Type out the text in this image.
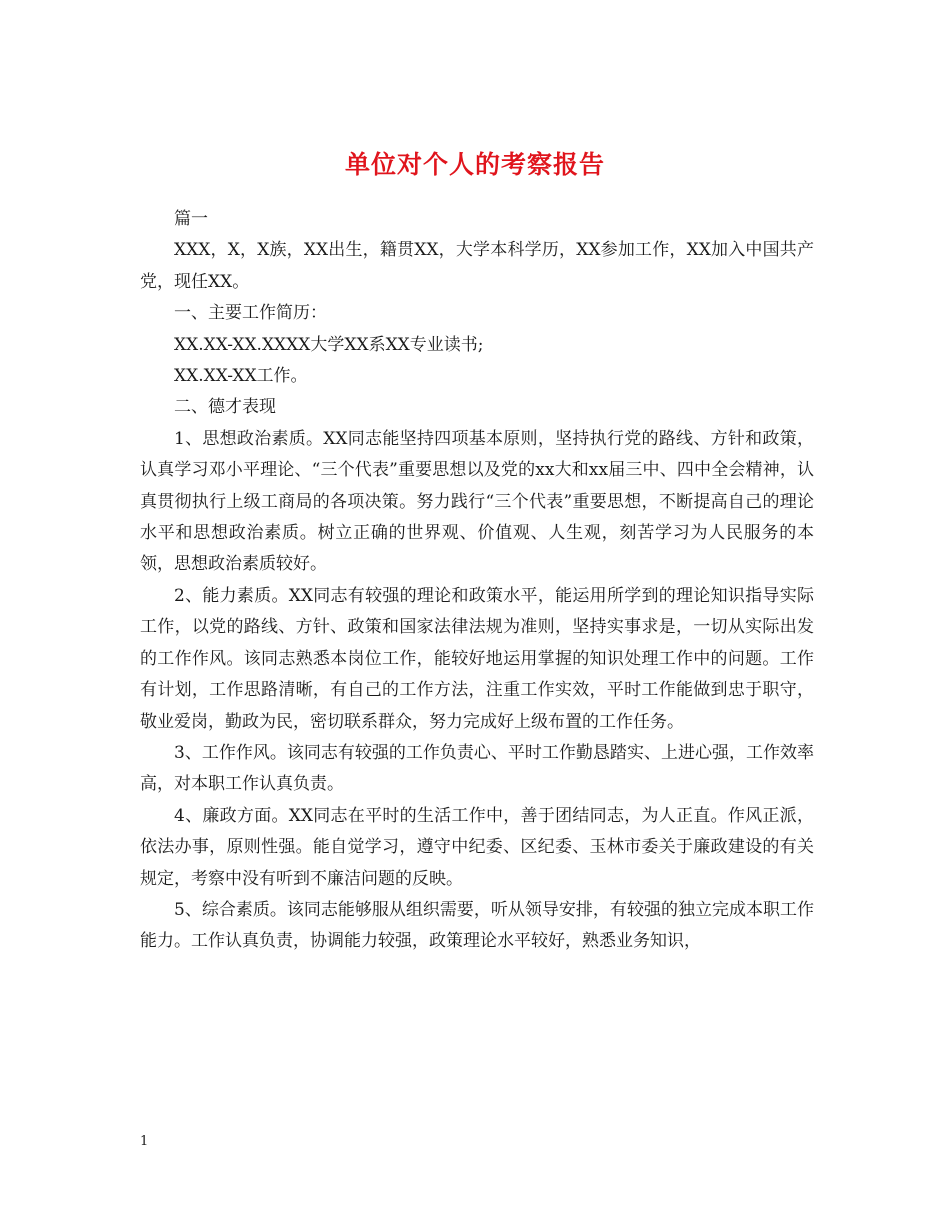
单位对个人的考察报告

篇一

XXX，X，X族，XX出生，籍贯XX，大学本科学历，XX参加工作，XX加入中国共产党，现任XX。

一、主要工作简历：

XX.XX-XX.XXXX大学XX系XX专业读书;

XX.XX-XX工作。

二、德才表现

1、思想政治素质。XX同志能坚持四项基本原则，坚持执行党的路线、方针和政策，认真学习邓小平理论、“三个代表”重要思想以及党的xx大和xx届三中、四中全会精神，认真贯彻执行上级工商局的各项决策。努力践行“三个代表”重要思想，不断提高自己的理论水平和思想政治素质。树立正确的世界观、价值观、人生观，刻苦学习为人民服务的本领，思想政治素质较好。

2、能力素质。XX同志有较强的理论和政策水平，能运用所学到的理论知识指导实际工作，以党的路线、方针、政策和国家法律法规为准则，坚持实事求是，一切从实际出发的工作作风。该同志熟悉本岗位工作，能较好地运用掌握的知识处理工作中的问题。工作有计划，工作思路清晰，有自己的工作方法，注重工作实效，平时工作能做到忠于职守，敬业爱岗，勤政为民，密切联系群众，努力完成好上级布置的工作任务。

3、工作作风。该同志有较强的工作负责心、平时工作勤恳踏实、上进心强，工作效率高，对本职工作认真负责。

4、廉政方面。XX同志在平时的生活工作中，善于团结同志，为人正直。作风正派，依法办事，原则性强。能自觉学习，遵守中纪委、区纪委、玉林市委关于廉政建设的有关规定，考察中没有听到不廉洁问题的反映。

5、综合素质。该同志能够服从组织需要，听从领导安排，有较强的独立完成本职工作能力。工作认真负责，协调能力较强，政策理论水平较好，熟悉业务知识，

1
